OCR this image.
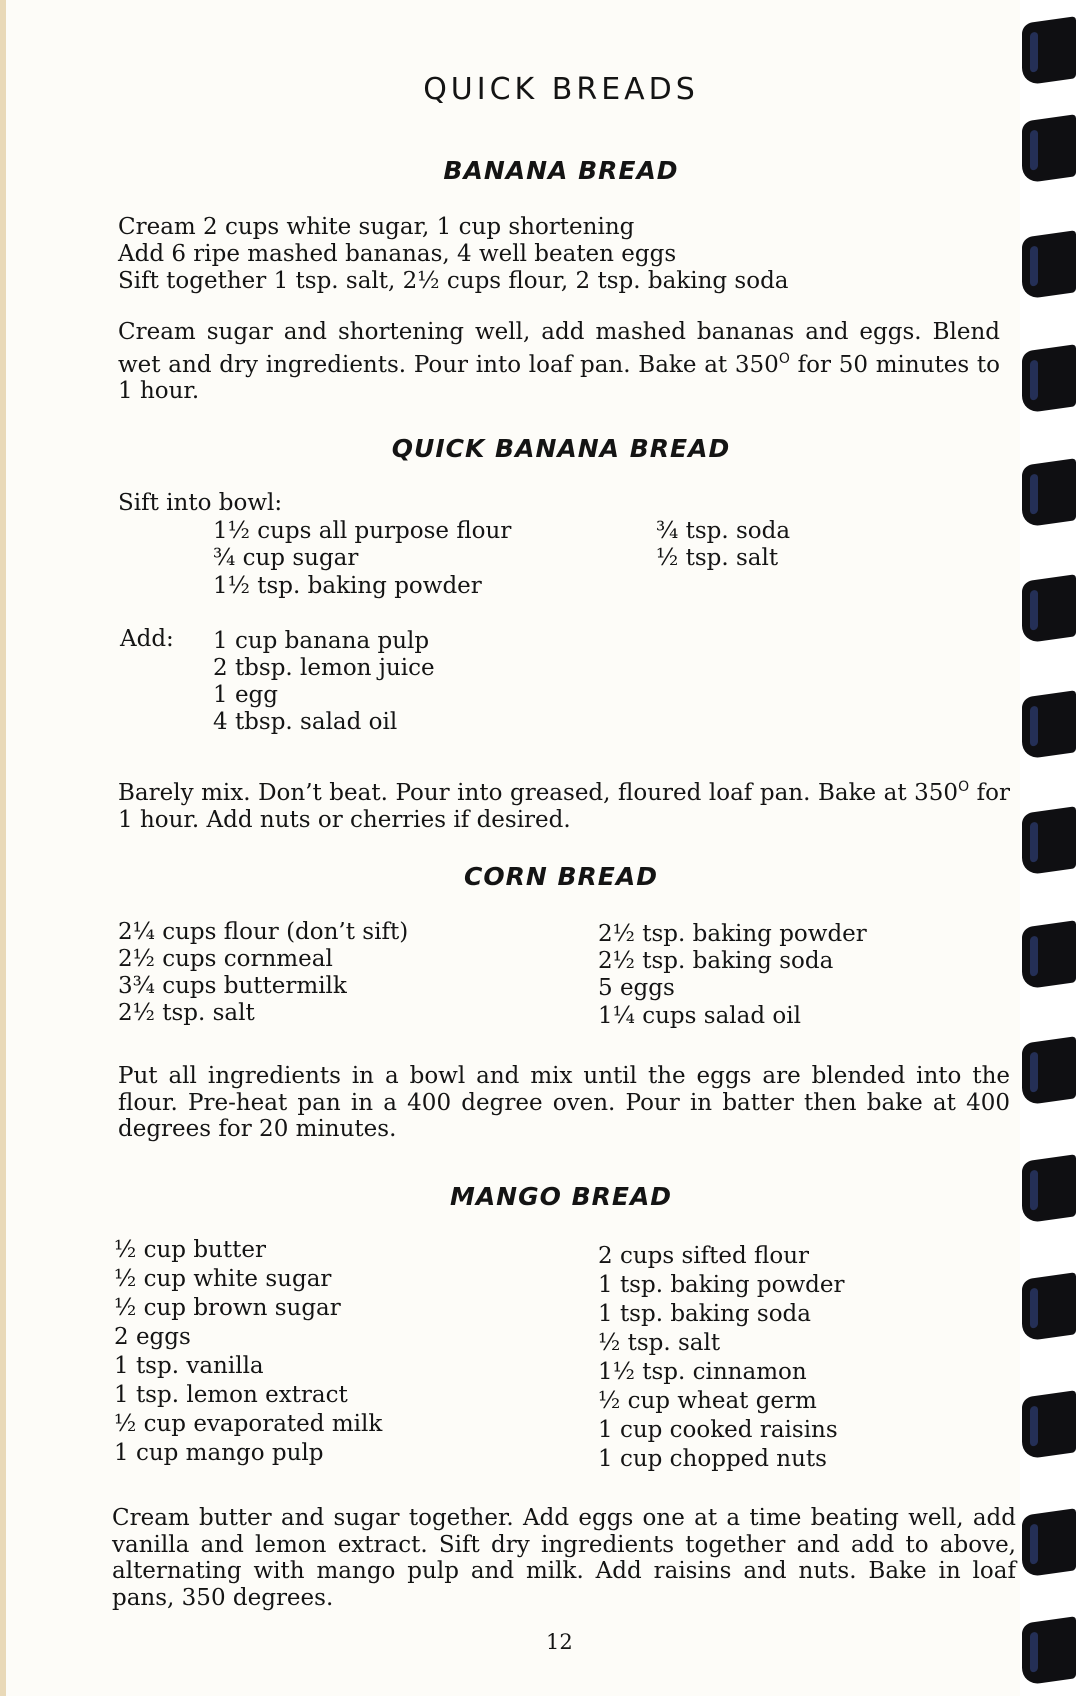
QUICK BREADS
BANANA BREAD

Cream 2 cups white sugar, 1 cup shortening

Add 6 ripe mashed bananas, 4 well beaten eggs

Sift together 1 tsp. salt, 2½ cups flour, 2 tsp. baking soda

Cream sugar and shortening well, add mashed bananas and eggs. Blend wet and dry ingredients. Pour into loaf pan. Bake at $350^O$ for 50 minutes to 1 hour.

QUICK BANANA BREAD

Sift into bowl:

1½ cups all purpose flour

¾ cup sugar

1½ tsp. baking powder

¾ tsp. soda

½ tsp. salt

Add: 1 cup banana pulp

2 tbsp. lemon juice

1 egg

4 tbsp. salad oil

Barely mix. Don’t beat. Pour into greased, floured loaf pan. Bake at $350^O$ for 1 hour. Add nuts or cherries if desired.

CORN BREAD

2¼ cups flour (don’t sift)

2½ cups cornmeal

3¾ cups buttermilk

2½ tsp. salt

2½ tsp. baking powder

2½ tsp. baking soda

5 eggs

1¼ cups salad oil

Put all ingredients in a bowl and mix until the eggs are blended into the flour. Pre-heat pan in a 400 degree oven. Pour in batter then bake at 400 degrees for 20 minutes.

MANGO BREAD

½ cup butter

½ cup white sugar

½ cup brown sugar

2 eggs

1 tsp. vanilla

1 tsp. lemon extract

½ cup evaporated milk

1 cup mango pulp

2 cups sifted flour

1 tsp. baking powder

1 tsp. baking soda

½ tsp. salt

1½ tsp. cinnamon

½ cup wheat germ

1 cup cooked raisins

1 cup chopped nuts

Cream butter and sugar together. Add eggs one at a time beating well, add vanilla and lemon extract. Sift dry ingredients together and add to above, alternating with mango pulp and milk. Add raisins and nuts. Bake in loaf pans, 350 degrees.

12
